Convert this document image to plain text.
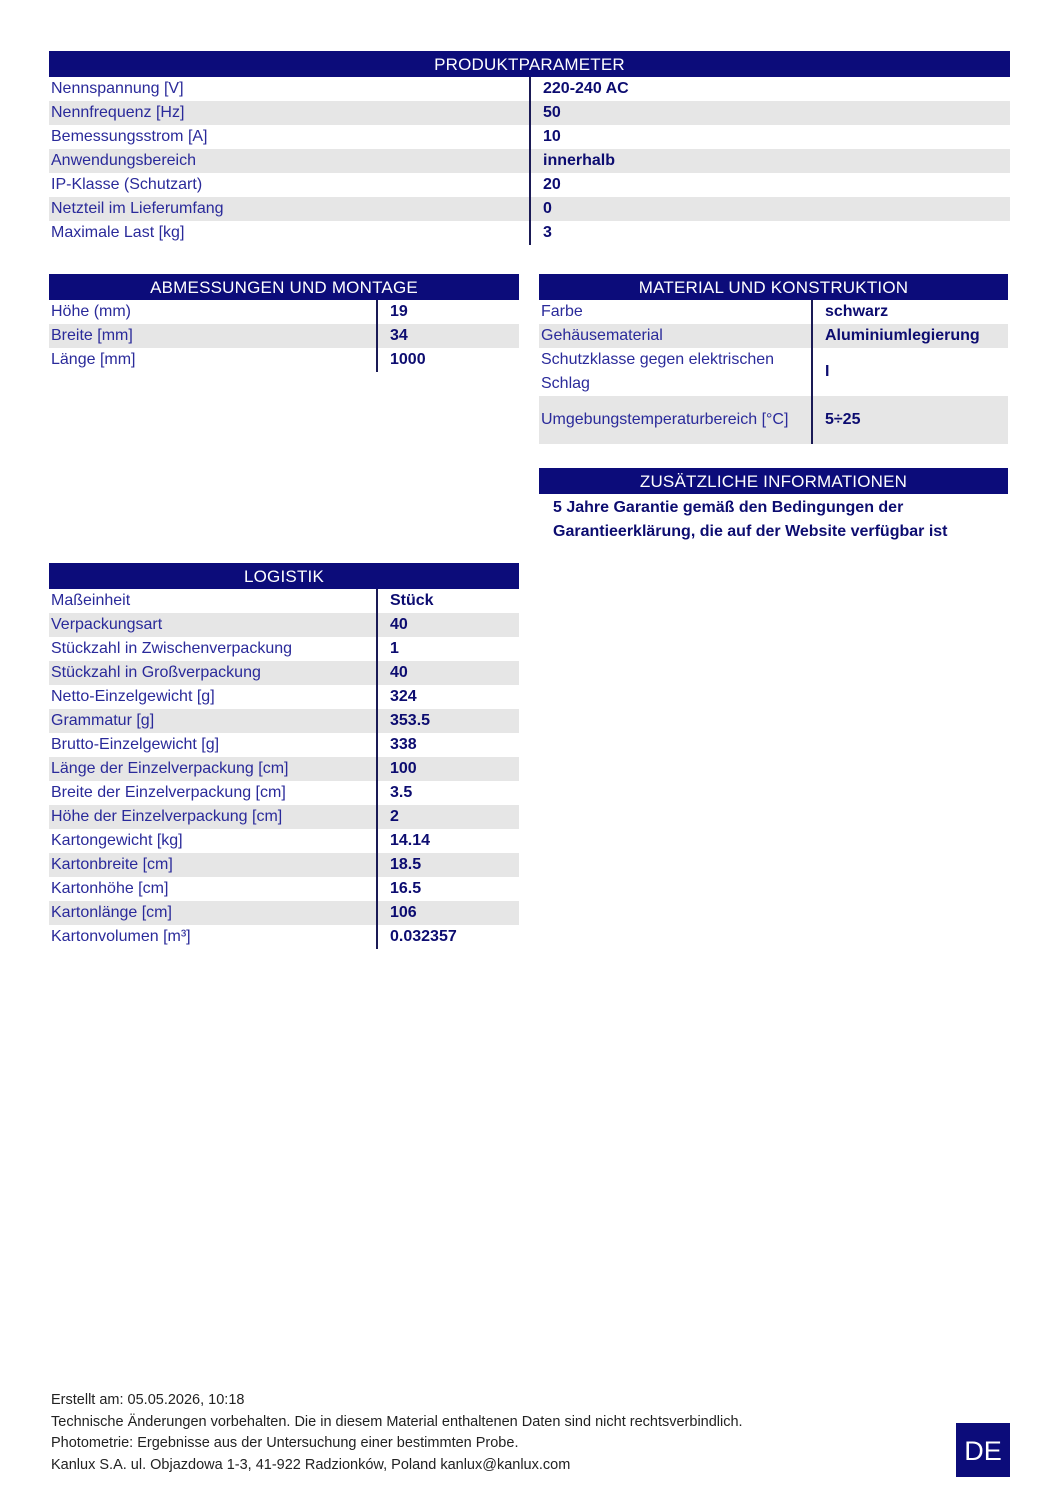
PRODUKTPARAMETER
Nennspannung [V]	220-240 AC
Nennfrequenz [Hz]	50
Bemessungsstrom [A]	10
Anwendungsbereich	innerhalb
IP-Klasse (Schutzart)	20
Netzteil im Lieferumfang	0
Maximale Last [kg]	3
ABMESSUNGEN UND MONTAGE
Höhe (mm)	19
Breite [mm]	34
Länge [mm]	1000
MATERIAL UND KONSTRUKTION
Farbe	schwarz
Gehäusematerial	Aluminiumlegierung
Schutzklasse gegen elektrischen Schlag	I
Umgebungstemperaturbereich [°C]	5÷25
ZUSÄTZLICHE INFORMATIONEN
5 Jahre Garantie gemäß den Bedingungen der Garantieerklärung, die auf der Website verfügbar ist
LOGISTIK
Maßeinheit	Stück
Verpackungsart	40
Stückzahl in Zwischenverpackung	1
Stückzahl in Großverpackung	40
Netto-Einzelgewicht [g]	324
Grammatur [g]	353.5
Brutto-Einzelgewicht [g]	338
Länge der Einzelverpackung [cm]	100
Breite der Einzelverpackung [cm]	3.5
Höhe der Einzelverpackung [cm]	2
Kartongewicht [kg]	14.14
Kartonbreite [cm]	18.5
Kartonhöhe [cm]	16.5
Kartonlänge [cm]	106
Kartonvolumen [m³]	0.032357
Erstellt am: 05.05.2026, 10:18
Technische Änderungen vorbehalten. Die in diesem Material enthaltenen Daten sind nicht rechtsverbindlich.
Photometrie: Ergebnisse aus der Untersuchung einer bestimmten Probe.
Kanlux S.A. ul. Objazdowa 1-3, 41-922 Radzionków, Poland kanlux@kanlux.com	DE
